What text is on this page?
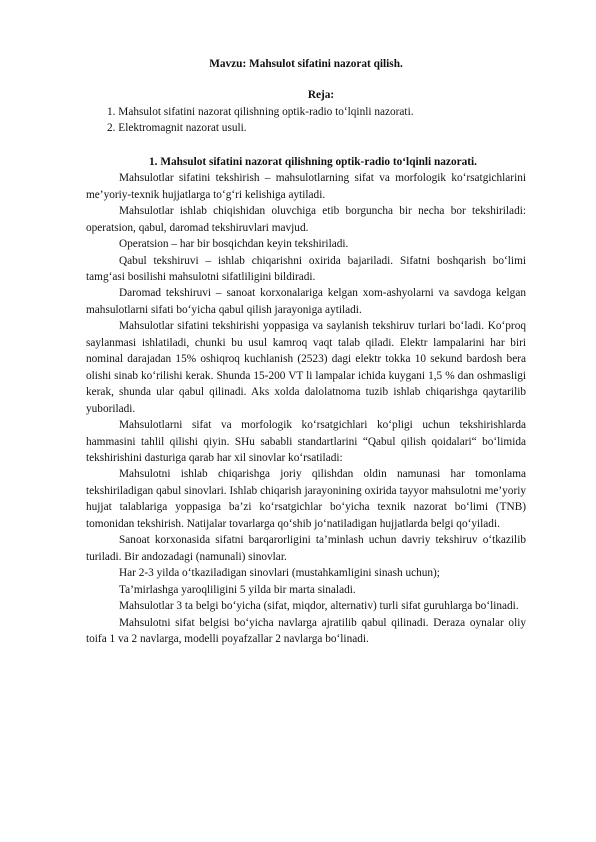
Mavzu: Mahsulot sifatini nazorat qilish.

Reja:

1. Mahsulot sifatini nazorat qilishning optik-radio to‘lqinli nazorati.
2. Elektromagnit nazorat usuli.

1. Mahsulot sifatini nazorat qilishning optik-radio to‘lqinli nazorati.

Mahsulotlar sifatini tekshirish – mahsulotlarning sifat va morfologik ko‘rsatgichlarini me’yoriy-texnik hujjatlarga to‘g‘ri kelishiga aytiladi.

Mahsulotlar ishlab chiqishidan oluvchiga etib borguncha bir necha bor tekshiriladi: operatsion, qabul, daromad tekshiruvlari mavjud.

Operatsion – har bir bosqichdan keyin tekshiriladi.

Qabul tekshiruvi – ishlab chiqarishni oxirida bajariladi. Sifatni boshqarish bo‘limi tamg‘asi bosilishi mahsulotni sifatliligini bildiradi.

Daromad tekshiruvi – sanoat korxonalariga kelgan xom-ashyolarni va savdoga kelgan mahsulotlarni sifati bo‘yicha qabul qilish jarayoniga aytiladi.

Mahsulotlar sifatini tekshirishi yoppasiga va saylanish tekshiruv turlari bo‘ladi. Ko‘proq saylanmasi ishlatiladi, chunki bu usul kamroq vaqt talab qiladi. Elektr lampalarini har biri nominal darajadan 15% oshiqroq kuchlanish (2523) dagi elektr tokka 10 sekund bardosh bera olishi sinab ko‘rilishi kerak. Shunda 15-200 VT li lampalar ichida kuygani 1,5 % dan oshmasligi kerak, shunda ular qabul qilinadi. Aks xolda dalolatnoma tuzib ishlab chiqarishga qaytarilib yuboriladi.

Mahsulotlarni sifat va morfologik ko‘rsatgichlari ko‘pligi uchun tekshirishlarda hammasini tahlil qilishi qiyin. SHu sababli standartlarini “Qabul qilish qoidalari“ bo‘limida tekshirishini dasturiga qarab har xil sinovlar ko‘rsatiladi:

Mahsulotni ishlab chiqarishga joriy qilishdan oldin namunasi har tomonlama tekshiriladigan qabul sinovlari. Ishlab chiqarish jarayonining oxirida tayyor mahsulotni me’yoriy hujjat talablariga yoppasiga ba’zi ko‘rsatgichlar bo‘yicha texnik nazorat bo‘limi (TNB) tomonidan tekshirish. Natijalar tovarlarga qo‘shib jo‘natiladigan hujjatlarda belgi qo‘yiladi.

Sanoat korxonasida sifatni barqarorligini ta’minlash uchun davriy tekshiruv o‘tkazilib turiladi. Bir andozadagi (namunali) sinovlar.

Har 2-3 yilda o‘tkaziladigan sinovlari (mustahkamligini sinash uchun);

Ta’mirlashga yaroqliligini 5 yilda bir marta sinaladi.

Mahsulotlar 3 ta belgi bo‘yicha (sifat, miqdor, alternativ) turli sifat guruhlarga bo‘linadi.

Mahsulotni sifat belgisi bo‘yicha navlarga ajratilib qabul qilinadi. Deraza oynalar oliy toifa 1 va 2 navlarga, modelli poyafzallar 2 navlarga bo‘linadi.
